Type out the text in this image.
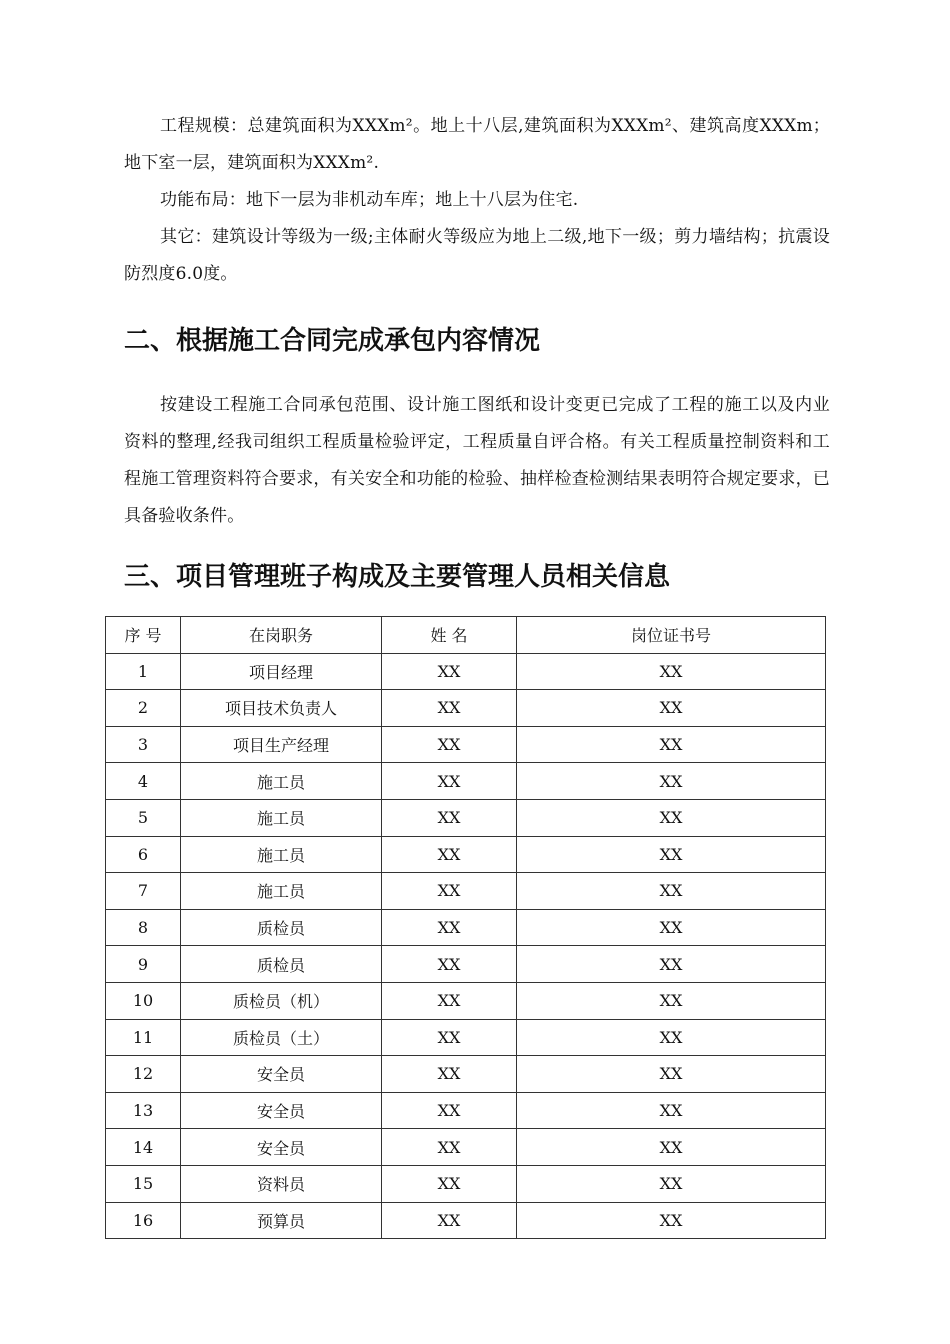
工程规模：总建筑面积为XXXm²。地上十八层,建筑面积为XXXm²、建筑高度XXXm；地下室一层，建筑面积为XXXm².

功能布局：地下一层为非机动车库；地上十八层为住宅.

其它：建筑设计等级为一级;主体耐火等级应为地上二级,地下一级；剪力墙结构；抗震设防烈度6.0度。

二、根据施工合同完成承包内容情况

按建设工程施工合同承包范围、设计施工图纸和设计变更已完成了工程的施工以及内业资料的整理,经我司组织工程质量检验评定，工程质量自评合格。有关工程质量控制资料和工程施工管理资料符合要求，有关安全和功能的检验、抽样检查检测结果表明符合规定要求，已具备验收条件。

三、项目管理班子构成及主要管理人员相关信息
序 号	在岗职务	姓 名	岗位证书号
1	项目经理	XX	XX
2	项目技术负责人	XX	XX
3	项目生产经理	XX	XX
4	施工员	XX	XX
5	施工员	XX	XX
6	施工员	XX	XX
7	施工员	XX	XX
8	质检员	XX	XX
9	质检员	XX	XX
10	质检员（机）	XX	XX
11	质检员（土）	XX	XX
12	安全员	XX	XX
13	安全员	XX	XX
14	安全员	XX	XX
15	资料员	XX	XX
16	预算员	XX	XX
